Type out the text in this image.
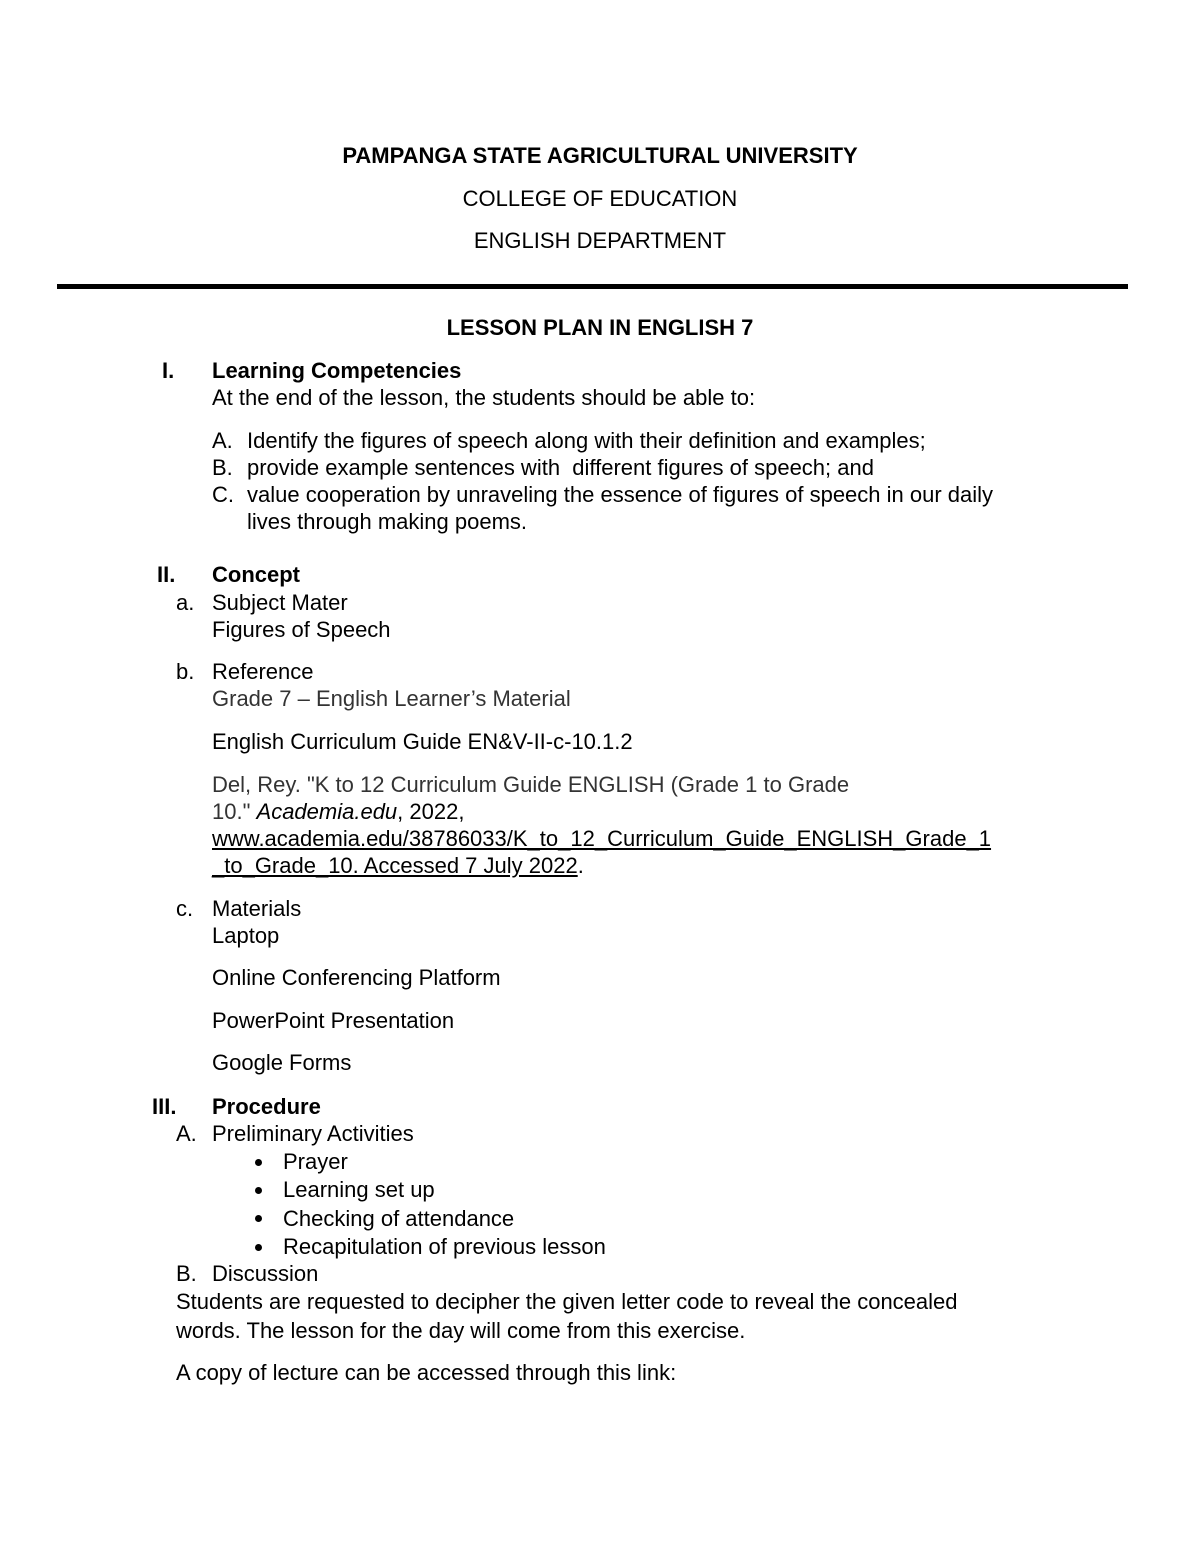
PAMPANGA STATE AGRICULTURAL UNIVERSITY
COLLEGE OF EDUCATION
ENGLISH DEPARTMENT
LESSON PLAN IN ENGLISH 7
I. Learning Competencies
At the end of the lesson, the students should be able to:
A. Identify the figures of speech along with their definition and examples;
B. provide example sentences with  different figures of speech; and
C. value cooperation by unraveling the essence of figures of speech in our daily
lives through making poems.
II. Concept
a. Subject Mater
Figures of Speech
b. Reference
Grade 7 – English Learner’s Material
English Curriculum Guide EN&V-II-c-10.1.2
Del, Rey. "K to 12 Curriculum Guide ENGLISH (Grade 1 to Grade
10." Academia.edu, 2022,
www.academia.edu/38786033/K_to_12_Curriculum_Guide_ENGLISH_Grade_1
_to_Grade_10. Accessed 7 July 2022.
c. Materials
Laptop
Online Conferencing Platform
PowerPoint Presentation
Google Forms
III. Procedure
A. Preliminary Activities
Prayer
Learning set up
Checking of attendance
Recapitulation of previous lesson
B. Discussion
Students are requested to decipher the given letter code to reveal the concealed
words. The lesson for the day will come from this exercise.
A copy of lecture can be accessed through this link:
